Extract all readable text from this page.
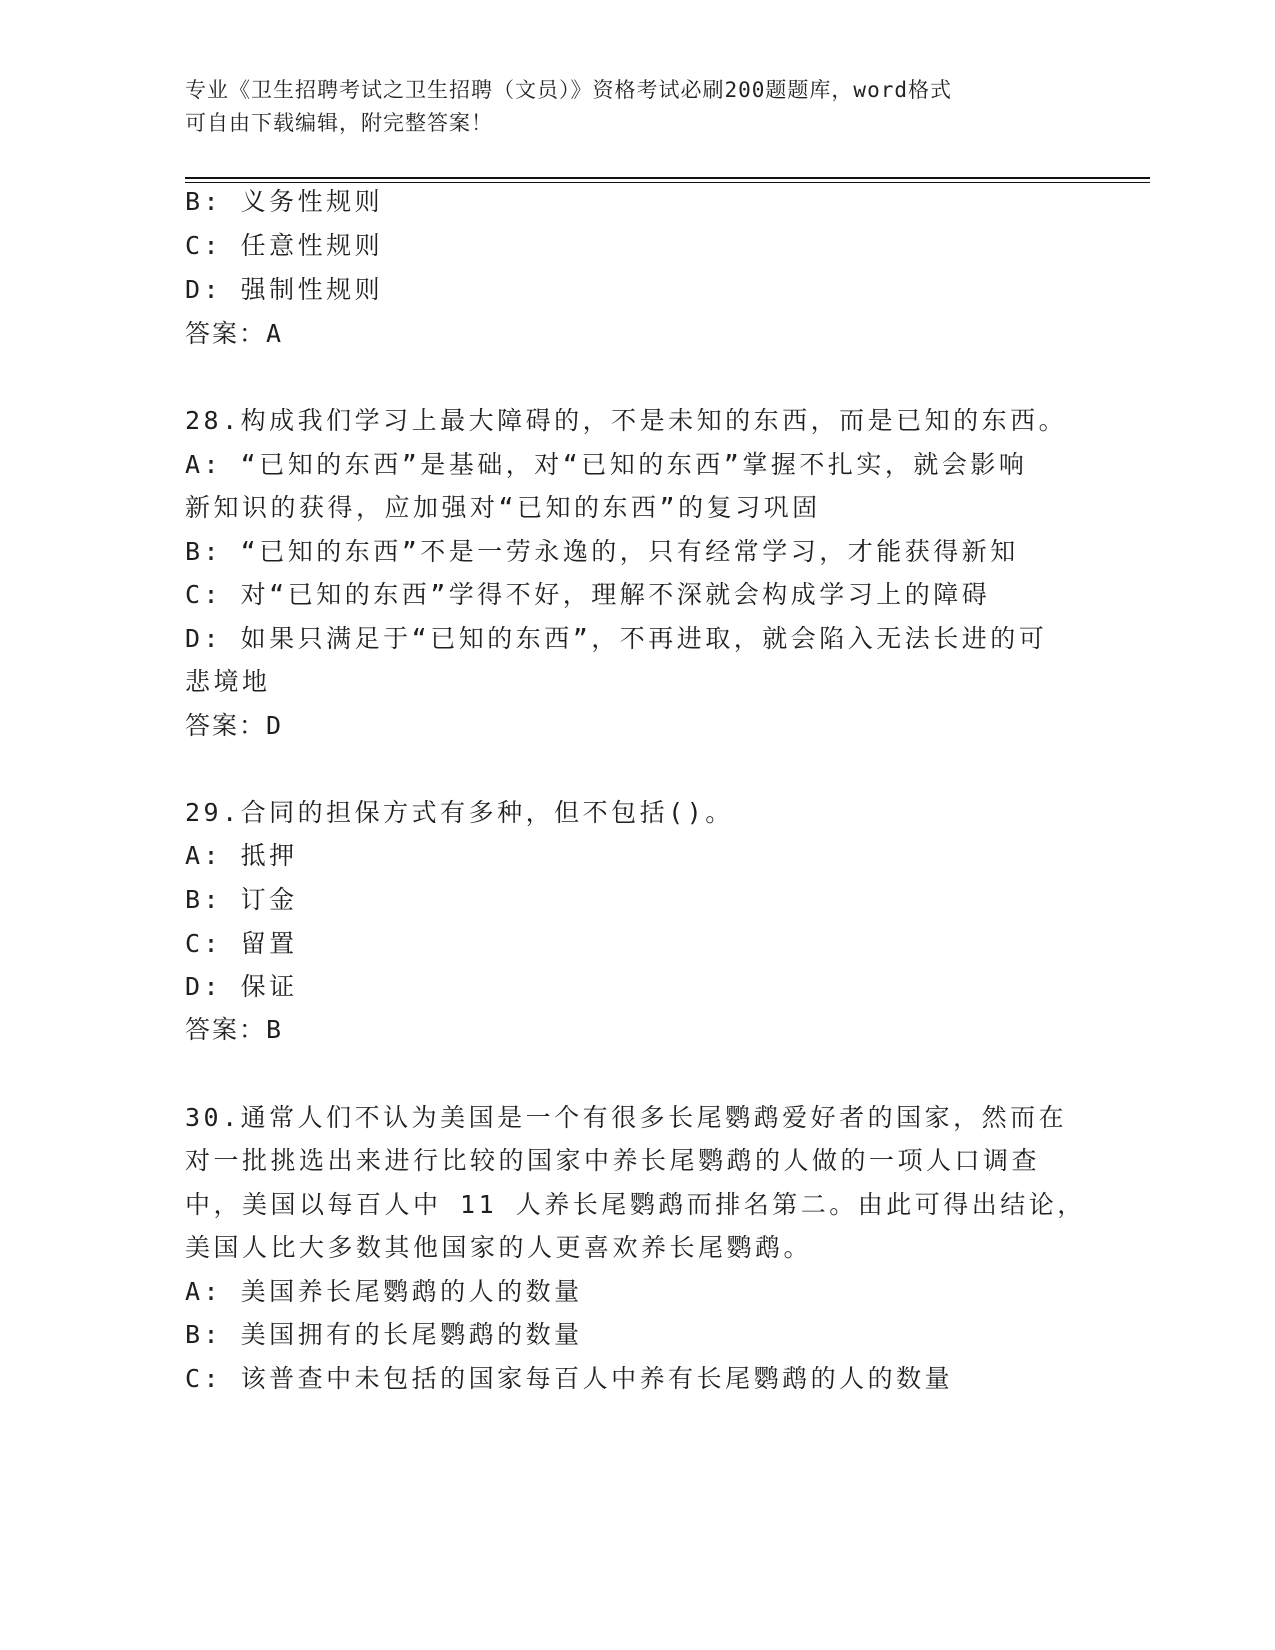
专业《卫生招聘考试之卫生招聘（文员）》资格考试必刷200题题库，word格式
可自由下载编辑，附完整答案！
B: 义务性规则
C: 任意性规则
D: 强制性规则
答案：A
28.构成我们学习上最大障碍的，不是未知的东西，而是已知的东西。
A: “已知的东西”是基础，对“已知的东西”掌握不扎实，就会影响
新知识的获得，应加强对“已知的东西”的复习巩固
B: “已知的东西”不是一劳永逸的，只有经常学习，才能获得新知
C: 对“已知的东西”学得不好，理解不深就会构成学习上的障碍
D: 如果只满足于“已知的东西”，不再进取，就会陷入无法长进的可
悲境地
答案：D
29.合同的担保方式有多种，但不包括()。
A: 抵押
B: 订金
C: 留置
D: 保证
答案：B
30.通常人们不认为美国是一个有很多长尾鹦鹉爱好者的国家，然而在
对一批挑选出来进行比较的国家中养长尾鹦鹉的人做的一项人口调查
中，美国以每百人中 11 人养长尾鹦鹉而排名第二。由此可得出结论，
美国人比大多数其他国家的人更喜欢养长尾鹦鹉。
A: 美国养长尾鹦鹉的人的数量
B: 美国拥有的长尾鹦鹉的数量
C: 该普查中未包括的国家每百人中养有长尾鹦鹉的人的数量
